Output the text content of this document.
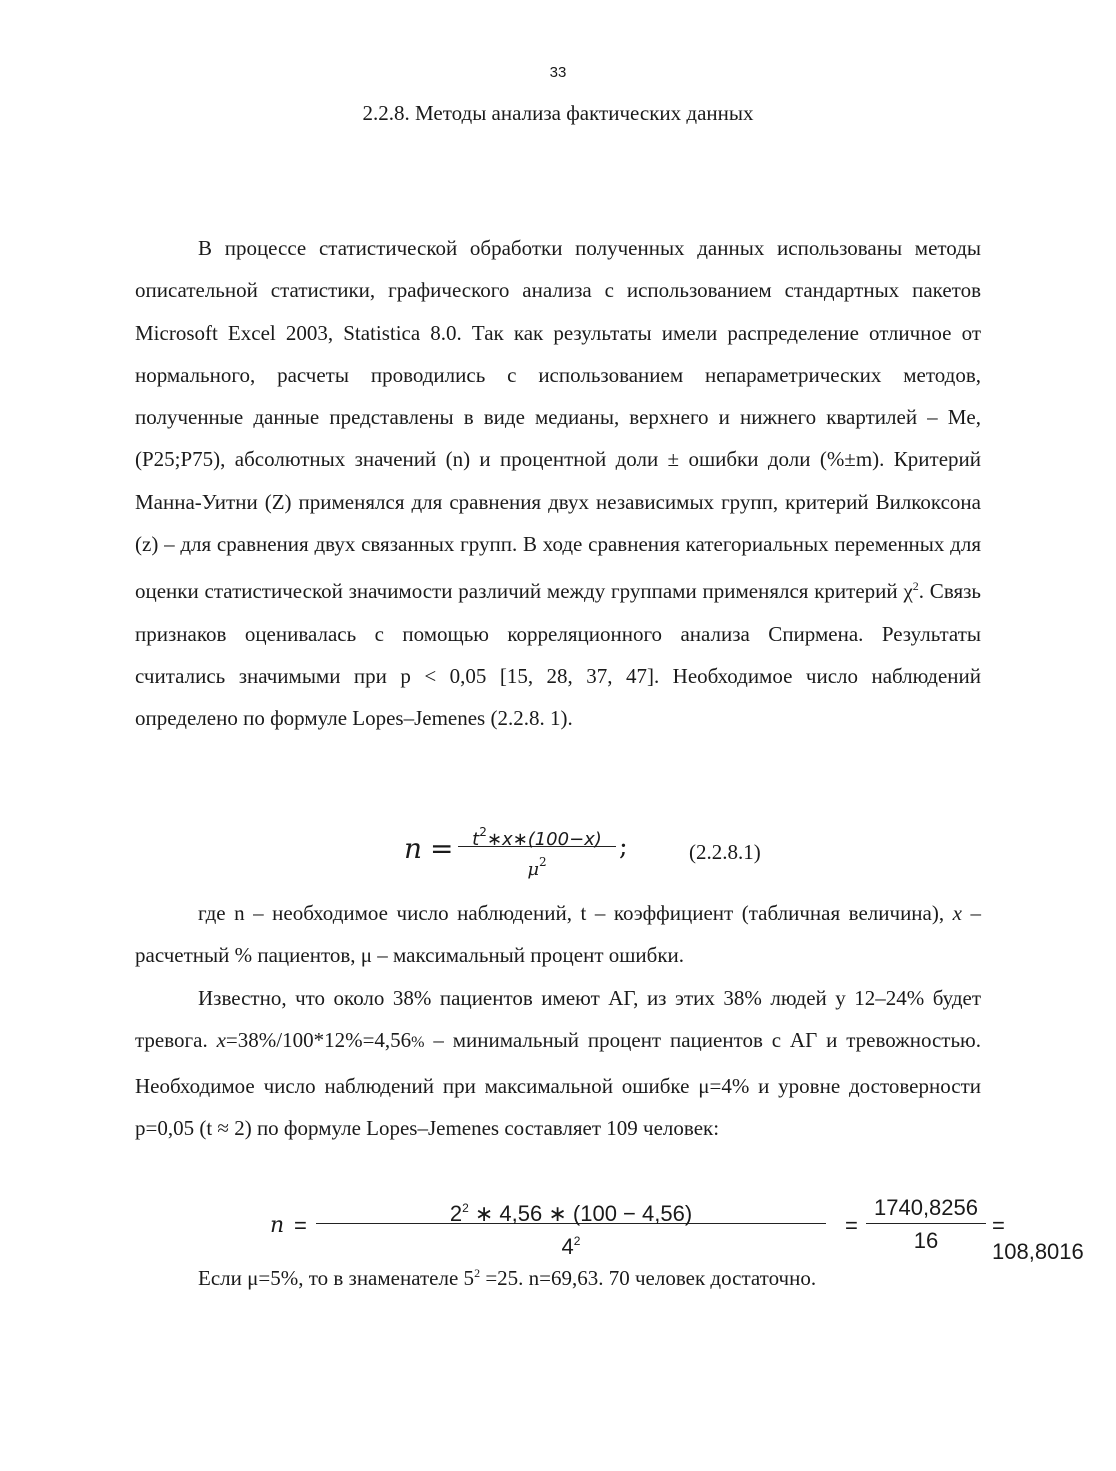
33
2.2.8. Методы анализа фактических данных

В процессе статистической обработки полученных данных использованы методы описательной статистики, графического анализа с использованием стандартных пакетов Microsoft Excel 2003, Statistica 8.0. Так как результаты имели распределение отличное от нормального, расчеты проводились с использованием непараметрических методов, полученные данные представлены в виде медианы, верхнего и нижнего квартилей – Me, (P25;P75), абсолютных значений (n) и процентной доли ± ошибки доли (%±m). Критерий Манна-Уитни (Z) применялся для сравнения двух независимых групп, критерий Вилкоксона (z) – для сравнения двух связанных групп. В ходе сравнения категориальных переменных для оценки статистической значимости различий между группами применялся критерий $\chi^2$. Связь признаков оценивалась с помощью корреляционного анализа Спирмена. Результаты считались значимыми при p < 0,05 [15, 28, 37, 47]. Необходимое число наблюдений определено по формуле Lopes–Jemenes (2.2.8. 1).

n =	$t^2∗x∗(100-x)$
$\mu^2$	;	(2.2.8.1)

где n – необходимое число наблюдений, t – коэффициент (табличная величина), x – расчетный % пациентов, μ – максимальный процент ошибки.

Известно, что около 38% пациентов имеют АГ, из этих 38% людей у 12–24% будет тревога. x=38%/100*12%=4,56% – минимальный процент пациентов с АГ и тревожностью. Необходимое число наблюдений при максимальной ошибке μ=4% и уровне достоверности p=0,05 (t ≈ 2) по формуле Lopes–Jemenes составляет 109 человек:

n =	$2^2$ ∗ 4,56 ∗ (100 − 4,56)
$4^2$
=
1740,8256
16
= 108,8016
Если μ=5%, то в знаменателе $5^2 =25$. n=69,63. 70 человек достаточно.
